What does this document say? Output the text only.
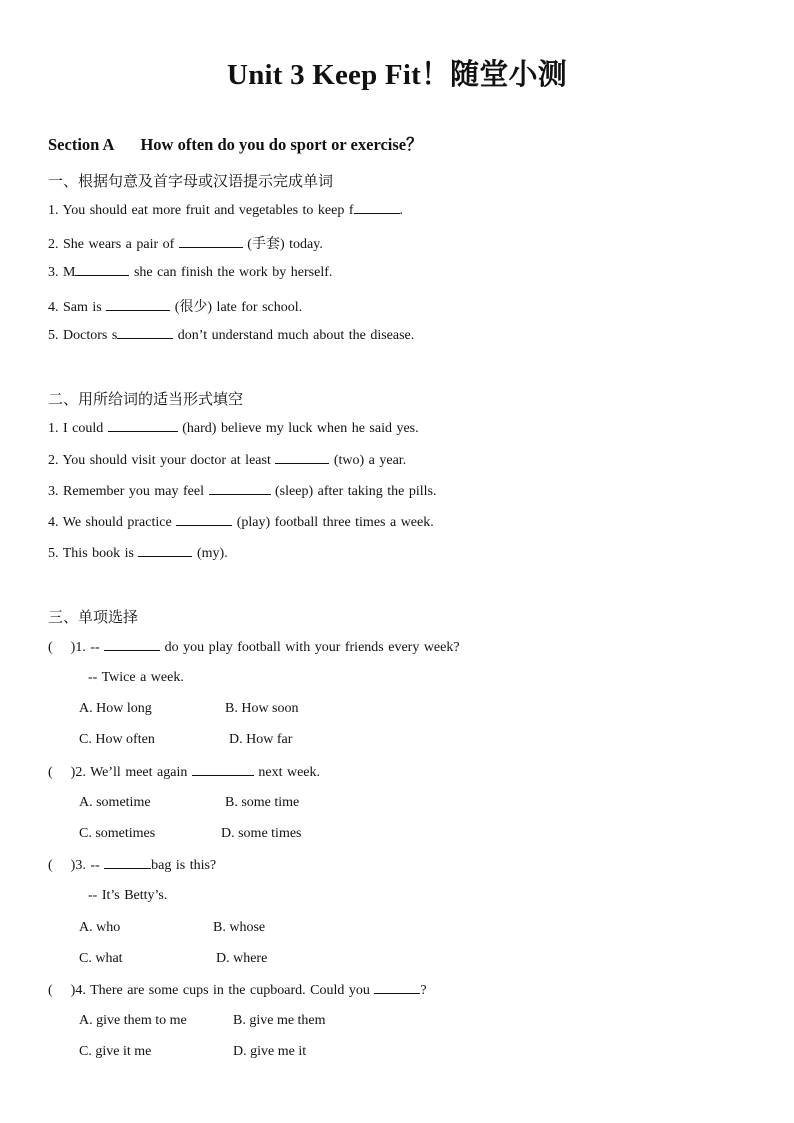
Unit 3 Keep Fit！随堂小测
Section A How often do you do sport or exercise？
一、根据句意及首字母或汉语提示完成单词
1. You should eat more fruit and vegetables to keep f	.
2. She wears a pair of	(手套) today.
3. M	she can finish the work by herself.
4. Sam is	(很少) late for school.
5. Doctors s	don’t understand much about the disease.
二、用所给词的适当形式填空
1. I could	(hard) believe my luck when he said yes.
2. You should visit your doctor at least	(two) a year.
3. Remember you may feel	(sleep) after taking the pills.
4. We should practice	(play) football three times a week.
5. This book is	(my).
三、单项选择
(    )1. --	do you play football with your friends every week?
-- Twice a week.
A. How long	B. How soon
C. How often	D. How far
(    )2. We’ll meet again	next week.
A. sometime	B. some time
C. sometimes	D. some times
(    )3. --	bag is this?
-- It’s Betty’s.
A. who	B. whose
C. what	D. where
(    )4. There are some cups in the cupboard. Could you	?
A. give them to me	B. give me them
C. give it me	D. give me it
